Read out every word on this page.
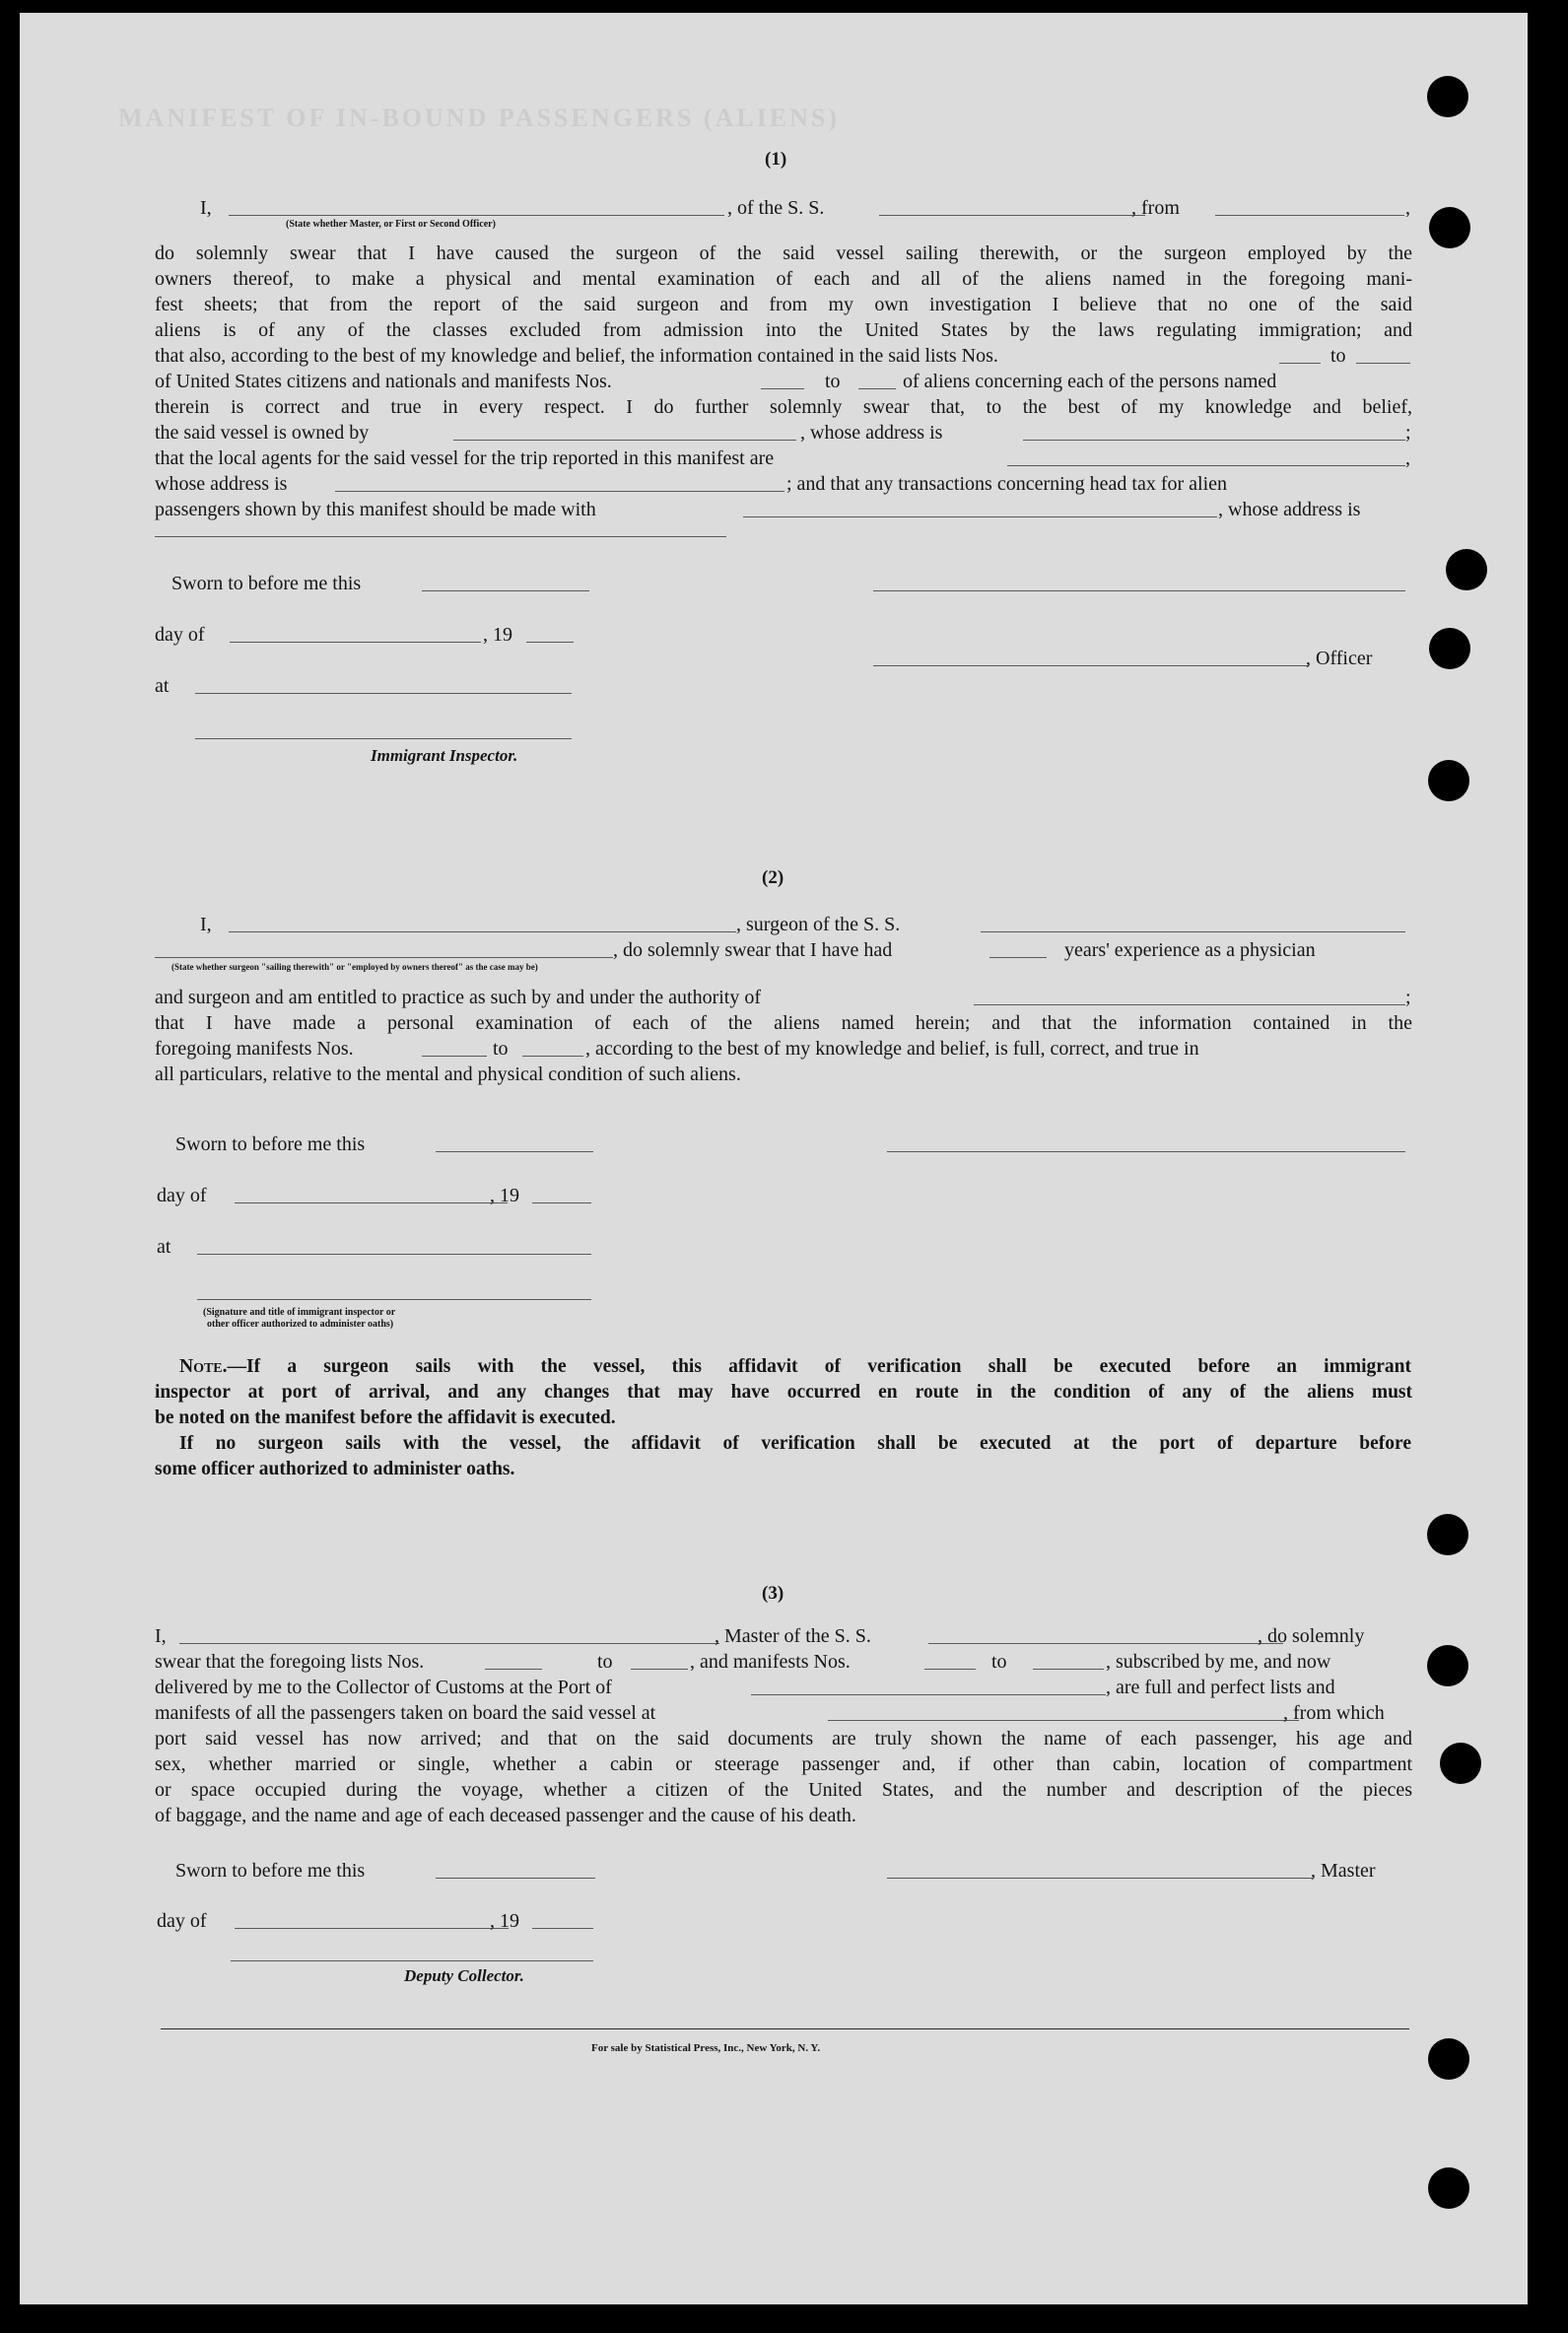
MANIFEST OF IN-BOUND PASSENGERS (ALIENS)
(1)
I,	, of the S. S.	, from	,
(State whether Master, or First or Second Officer)
do solemnly swear that I have caused the surgeon of the said vessel sailing therewith, or the surgeon employed by the
owners thereof, to make a physical and mental examination of each and all of the aliens named in the foregoing mani-
fest sheets; that from the report of the said surgeon and from my own investigation I believe that no one of the said
aliens is of any of the classes excluded from admission into the United States by the laws regulating immigration; and
that also, according to the best of my knowledge and belief, the information contained in the said lists Nos.	to
of United States citizens and nationals and manifests Nos.	to	of aliens concerning each of the persons named
therein is correct and true in every respect. I do further solemnly swear that, to the best of my knowledge and belief,
the said vessel is owned by	, whose address is	;
that the local agents for the said vessel for the trip reported in this manifest are	,
whose address is	; and that any transactions concerning head tax for alien
passengers shown by this manifest should be made with	, whose address is
Sworn to before me this
day of	, 19
, Officer
at
Immigrant Inspector.
(2)
I,	, surgeon of the S. S.
, do solemnly swear that I have had	years' experience as a physician
(State whether surgeon "sailing therewith" or "employed by owners thereof" as the case may be)
and surgeon and am entitled to practice as such by and under the authority of	;
that I have made a personal examination of each of the aliens named herein; and that the information contained in the
foregoing manifests Nos.	to	, according to the best of my knowledge and belief, is full, correct, and true in
all particulars, relative to the mental and physical condition of such aliens.
Sworn to before me this
day of	, 19
at
(Signature and title of immigrant inspector or
other officer authorized to administer oaths)
Note.—If a surgeon sails with the vessel, this affidavit of verification shall be executed before an immigrant
inspector at port of arrival, and any changes that may have occurred en route in the condition of any of the aliens must
be noted on the manifest before the affidavit is executed.
If no surgeon sails with the vessel, the affidavit of verification shall be executed at the port of departure before
some officer authorized to administer oaths.
(3)
I,	, Master of the S. S.	, do solemnly
swear that the foregoing lists Nos.	to	, and manifests Nos.	to	, subscribed by me, and now
delivered by me to the Collector of Customs at the Port of	, are full and perfect lists and
manifests of all the passengers taken on board the said vessel at	, from which
port said vessel has now arrived; and that on the said documents are truly shown the name of each passenger, his age and
sex, whether married or single, whether a cabin or steerage passenger and, if other than cabin, location of compartment
or space occupied during the voyage, whether a citizen of the United States, and the number and description of the pieces
of baggage, and the name and age of each deceased passenger and the cause of his death.
Sworn to before me this	, Master
day of	, 19
Deputy Collector.
For sale by Statistical Press, Inc., New York, N. Y.
